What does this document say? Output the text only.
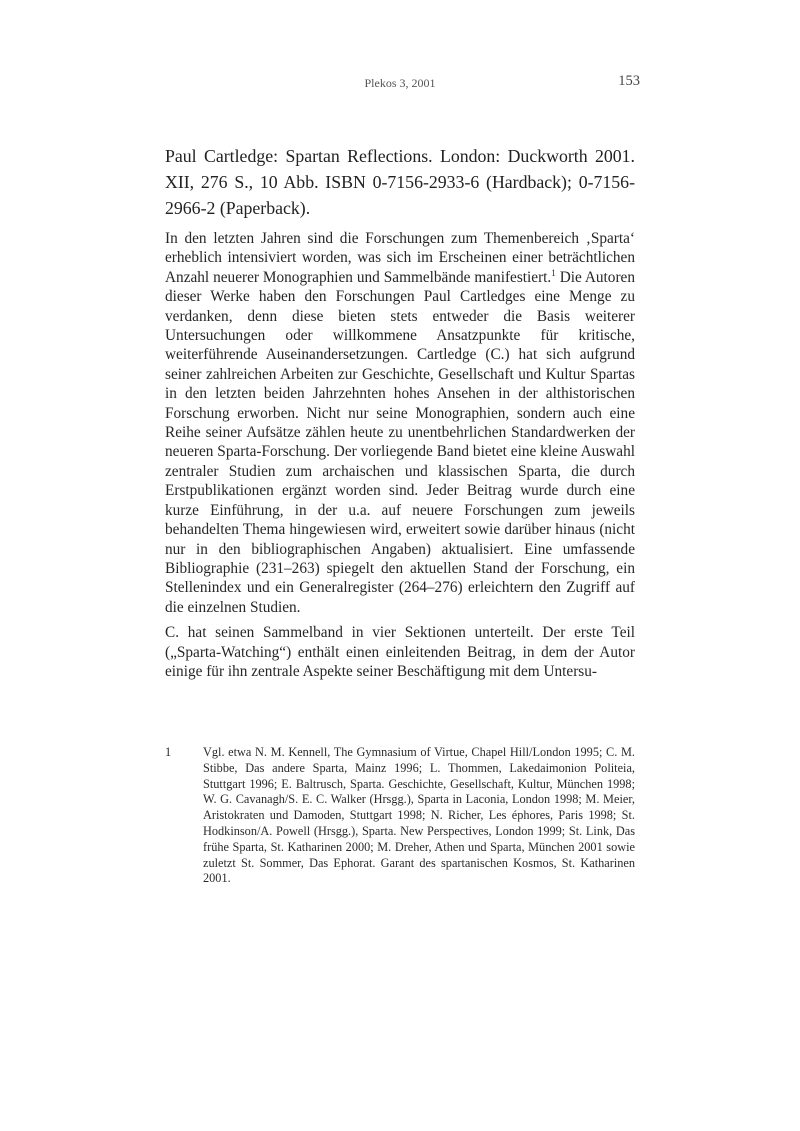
Plekos 3, 2001	153
Paul Cartledge: Spartan Reflections. London: Duckworth 2001. XII, 276 S., 10 Abb. ISBN 0-7156-2933-6 (Hardback); 0-7156-2966-2 (Paperback).

In den letzten Jahren sind die Forschungen zum Themenbereich ‚Sparta‘ erheblich intensiviert worden, was sich im Erscheinen einer beträchtlichen Anzahl neuerer Monographien und Sammelbände manifestiert.$^1$ Die Autoren dieser Werke haben den Forschungen Paul Cartledges eine Menge zu verdanken, denn diese bieten stets entweder die Basis weiterer Untersuchungen oder willkommene Ansatzpunkte für kritische, weiterführende Auseinandersetzungen. Cartledge (C.) hat sich aufgrund seiner zahlreichen Arbeiten zur Geschichte, Gesellschaft und Kultur Spartas in den letzten beiden Jahrzehnten hohes Ansehen in der althistorischen Forschung erworben. Nicht nur seine Monographien, sondern auch eine Reihe seiner Aufsätze zählen heute zu unentbehrlichen Standardwerken der neueren Sparta-Forschung. Der vorliegende Band bietet eine kleine Auswahl zentraler Studien zum archaischen und klassischen Sparta, die durch Erstpublikationen ergänzt worden sind. Jeder Beitrag wurde durch eine kurze Einführung, in der u.a. auf neuere Forschungen zum jeweils behandelten Thema hingewiesen wird, erweitert sowie darüber hinaus (nicht nur in den bibliographischen Angaben) aktualisiert. Eine umfassende Bibliographie (231–263) spiegelt den aktuellen Stand der Forschung, ein Stellenindex und ein Generalregister (264–276) erleichtern den Zugriff auf die einzelnen Studien.

C. hat seinen Sammelband in vier Sektionen unterteilt. Der erste Teil („Sparta-Watching“) enthält einen einleitenden Beitrag, in dem der Autor einige für ihn zentrale Aspekte seiner Beschäftigung mit dem Untersu-

1	Vgl. etwa N. M. Kennell, The Gymnasium of Virtue, Chapel Hill/London 1995; C. M. Stibbe, Das andere Sparta, Mainz 1996; L. Thommen, Lakedaimonion Politeia, Stuttgart 1996; E. Baltrusch, Sparta. Geschichte, Gesellschaft, Kultur, München 1998; W. G. Cavanagh/S. E. C. Walker (Hrsgg.), Sparta in Laconia, London 1998; M. Meier, Aristokraten und Damoden, Stuttgart 1998; N. Richer, Les éphores, Paris 1998; St. Hodkinson/A. Powell (Hrsgg.), Sparta. New Perspectives, London 1999; St. Link, Das frühe Sparta, St. Katharinen 2000; M. Dreher, Athen und Sparta, München 2001 sowie zuletzt St. Sommer, Das Ephorat. Garant des spartanischen Kosmos, St. Katharinen 2001.
